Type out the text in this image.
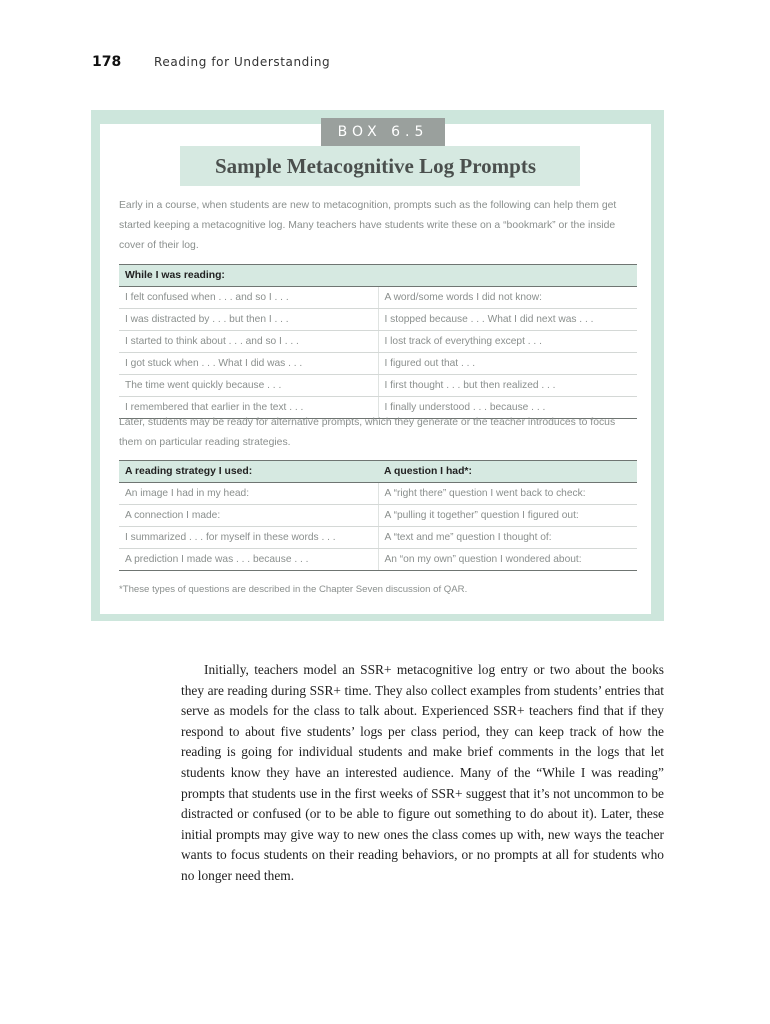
178	Reading for Understanding
BOX 6.5
Sample Metacognitive Log Prompts

Early in a course, when students are new to metacognition, prompts such as the following can help them get started keeping a metacognitive log. Many teachers have students write these on a “bookmark” or the inside cover of their log.

While I was reading:	
I felt confused when . . . and so I . . .	A word/some words I did not know:
I was distracted by . . . but then I . . .	I stopped because . . . What I did next was . . .
I started to think about . . . and so I . . .	I lost track of everything except . . .
I got stuck when . . . What I did was . . .	I figured out that . . .
The time went quickly because . . .	I first thought . . . but then realized . . .
I remembered that earlier in the text . . .	I finally understood . . . because . . .

Later, students may be ready for alternative prompts, which they generate or the teacher introduces to focus them on particular reading strategies.

A reading strategy I used:	A question I had*:
An image I had in my head:	A “right there” question I went back to check:
A connection I made:	A “pulling it together” question I figured out:
I summarized . . . for myself in these words . . .	A “text and me” question I thought of:
A prediction I made was . . . because . . .	An “on my own” question I wondered about:

*These types of questions are described in the Chapter Seven discussion of QAR.

Initially, teachers model an SSR+ metacognitive log entry or two about the books they are reading during SSR+ time. They also collect examples from students’ entries that serve as models for the class to talk about. Experienced SSR+ teachers find that if they respond to about five students’ logs per class period, they can keep track of how the reading is going for individual students and make brief comments in the logs that let students know they have an interested audience. Many of the “While I was reading” prompts that students use in the first weeks of SSR+ suggest that it’s not uncommon to be distracted or confused (or to be able to figure out something to do about it). Later, these initial prompts may give way to new ones the class comes up with, new ways the teacher wants to focus students on their reading behaviors, or no prompts at all for students who no longer need them.
